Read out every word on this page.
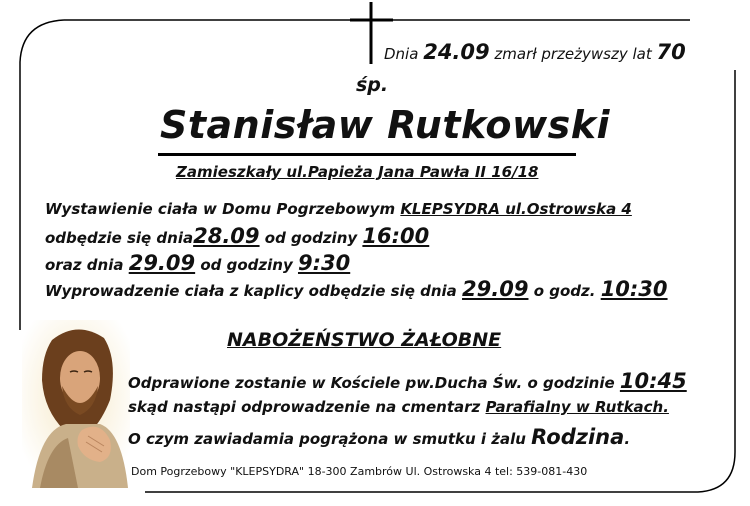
Dnia 24.09 zmarł przeżywszy lat 70
śp.
Stanisław Rutkowski
Zamieszkały ul.Papieża Jana Pawła II 16/18
Wystawienie ciała w Domu Pogrzebowym KLEPSYDRA ul.Ostrowska 4
odbędzie się dnia28.09 od godziny 16:00
oraz dnia 29.09 od godziny 9:30
Wyprowadzenie ciała z kaplicy odbędzie się dnia 29.09 o godz. 10:30
NABOŻEŃSTWO ŻAŁOBNE
Odprawione zostanie w Kościele pw.Ducha Św. o godzinie 10:45
skąd nastąpi odprowadzenie na cmentarz Parafialny w Rutkach.
O czym zawiadamia pogrążona w smutku i żalu Rodzina.
Dom Pogrzebowy "KLEPSYDRA" 18-300 Zambrów Ul. Ostrowska 4 tel: 539-081-430
